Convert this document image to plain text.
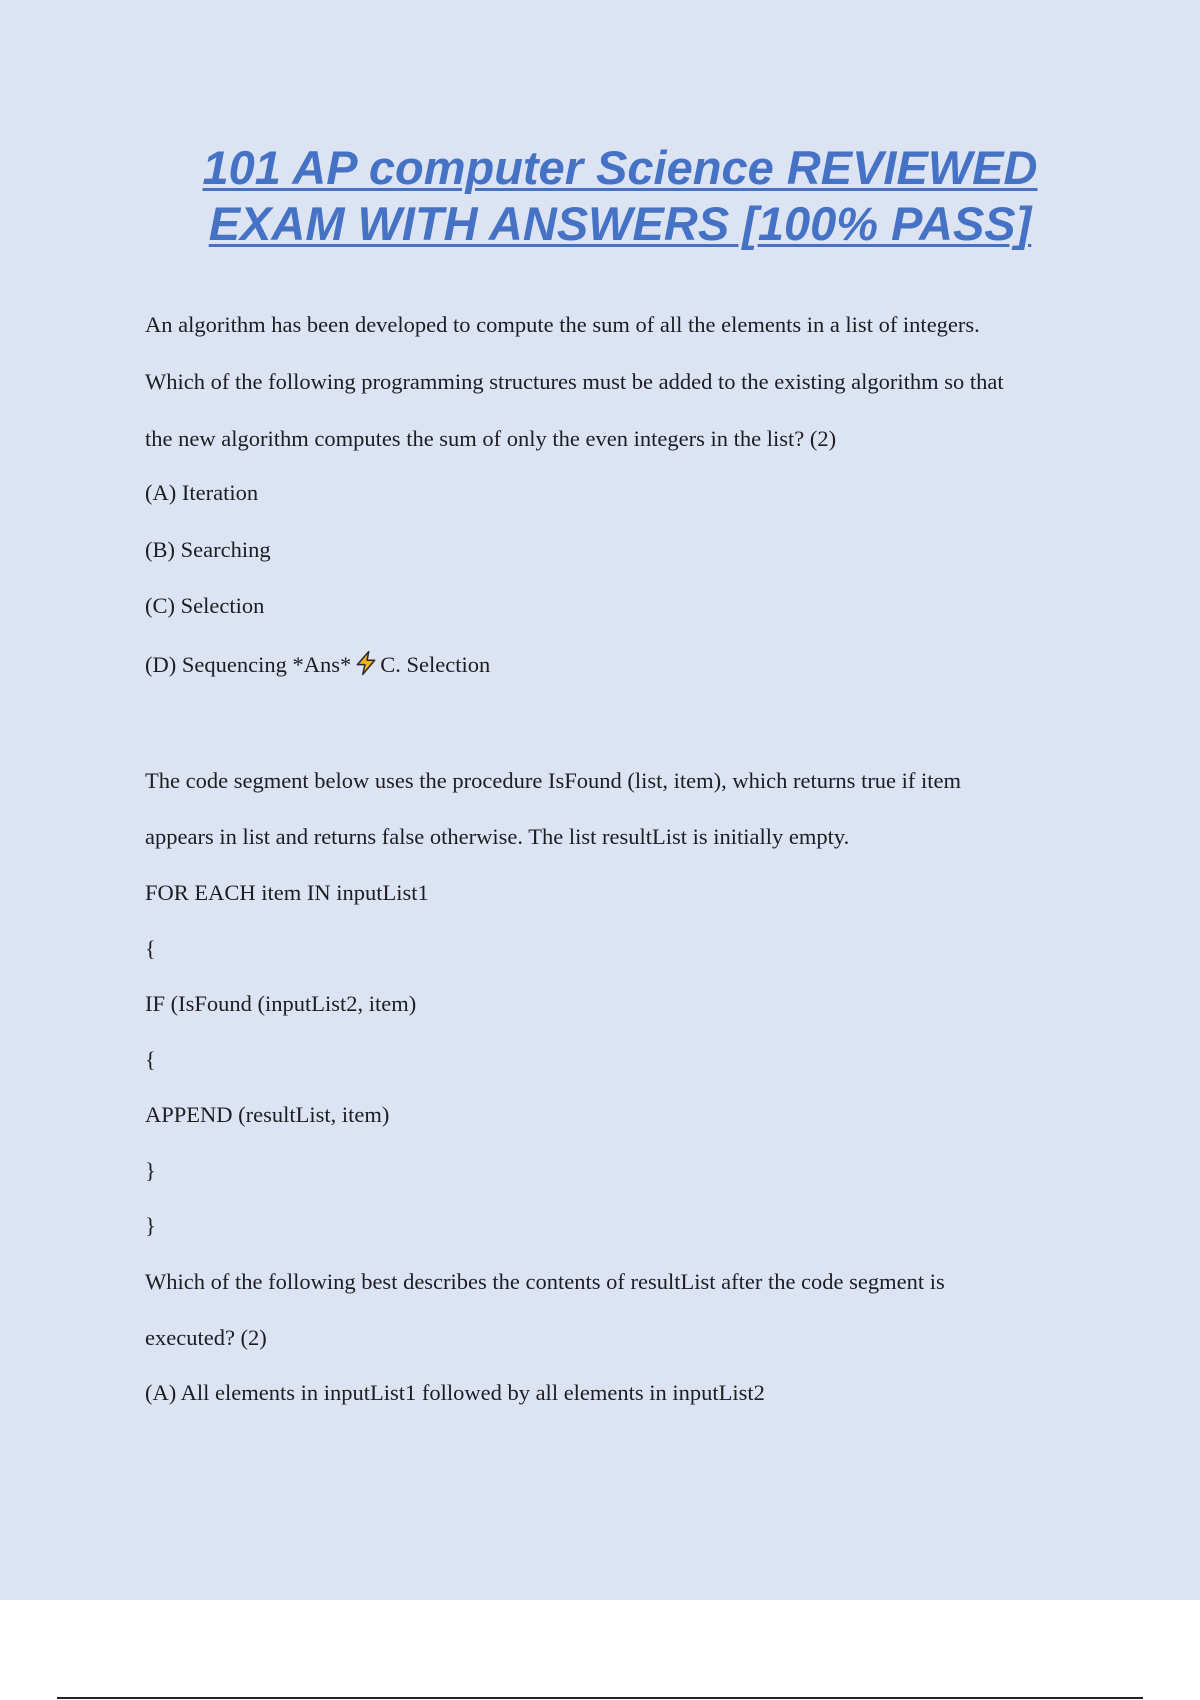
101 AP computer Science REVIEWED
EXAM WITH ANSWERS [100% PASS]

An algorithm has been developed to compute the sum of all the elements in a list of integers.

Which of the following programming structures must be added to the existing algorithm so that

the new algorithm computes the sum of only the even integers in the list? (2)

(A) Iteration

(B) Searching

(C) Selection

(D) Sequencing *Ans* C. Selection

The code segment below uses the procedure IsFound (list, item), which returns true if item

appears in list and returns false otherwise. The list resultList is initially empty.

FOR EACH item IN inputList1

{

IF (IsFound (inputList2, item)

{

APPEND (resultList, item)

}

}

Which of the following best describes the contents of resultList after the code segment is

executed? (2)

(A) All elements in inputList1 followed by all elements in inputList2
